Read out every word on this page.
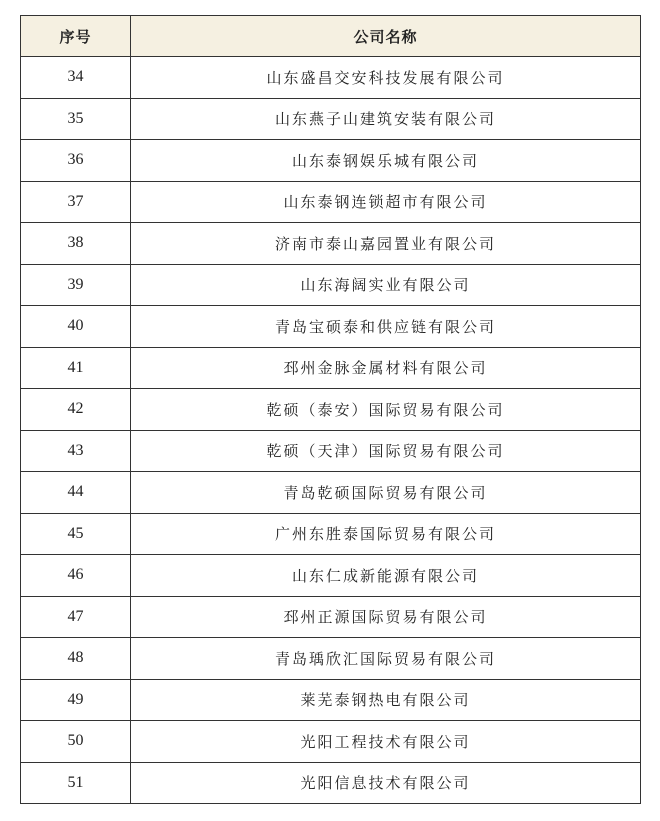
序号	公司名称
34	山东盛昌交安科技发展有限公司
35	山东燕子山建筑安装有限公司
36	山东泰钢娱乐城有限公司
37	山东泰钢连锁超市有限公司
38	济南市泰山嘉园置业有限公司
39	山东海阔实业有限公司
40	青岛宝硕泰和供应链有限公司
41	邳州金脉金属材料有限公司
42	乾硕（泰安）国际贸易有限公司
43	乾硕（天津）国际贸易有限公司
44	青岛乾硕国际贸易有限公司
45	广州东胜泰国际贸易有限公司
46	山东仁成新能源有限公司
47	邳州正源国际贸易有限公司
48	青岛瑀欣汇国际贸易有限公司
49	莱芜泰钢热电有限公司
50	光阳工程技术有限公司
51	光阳信息技术有限公司
